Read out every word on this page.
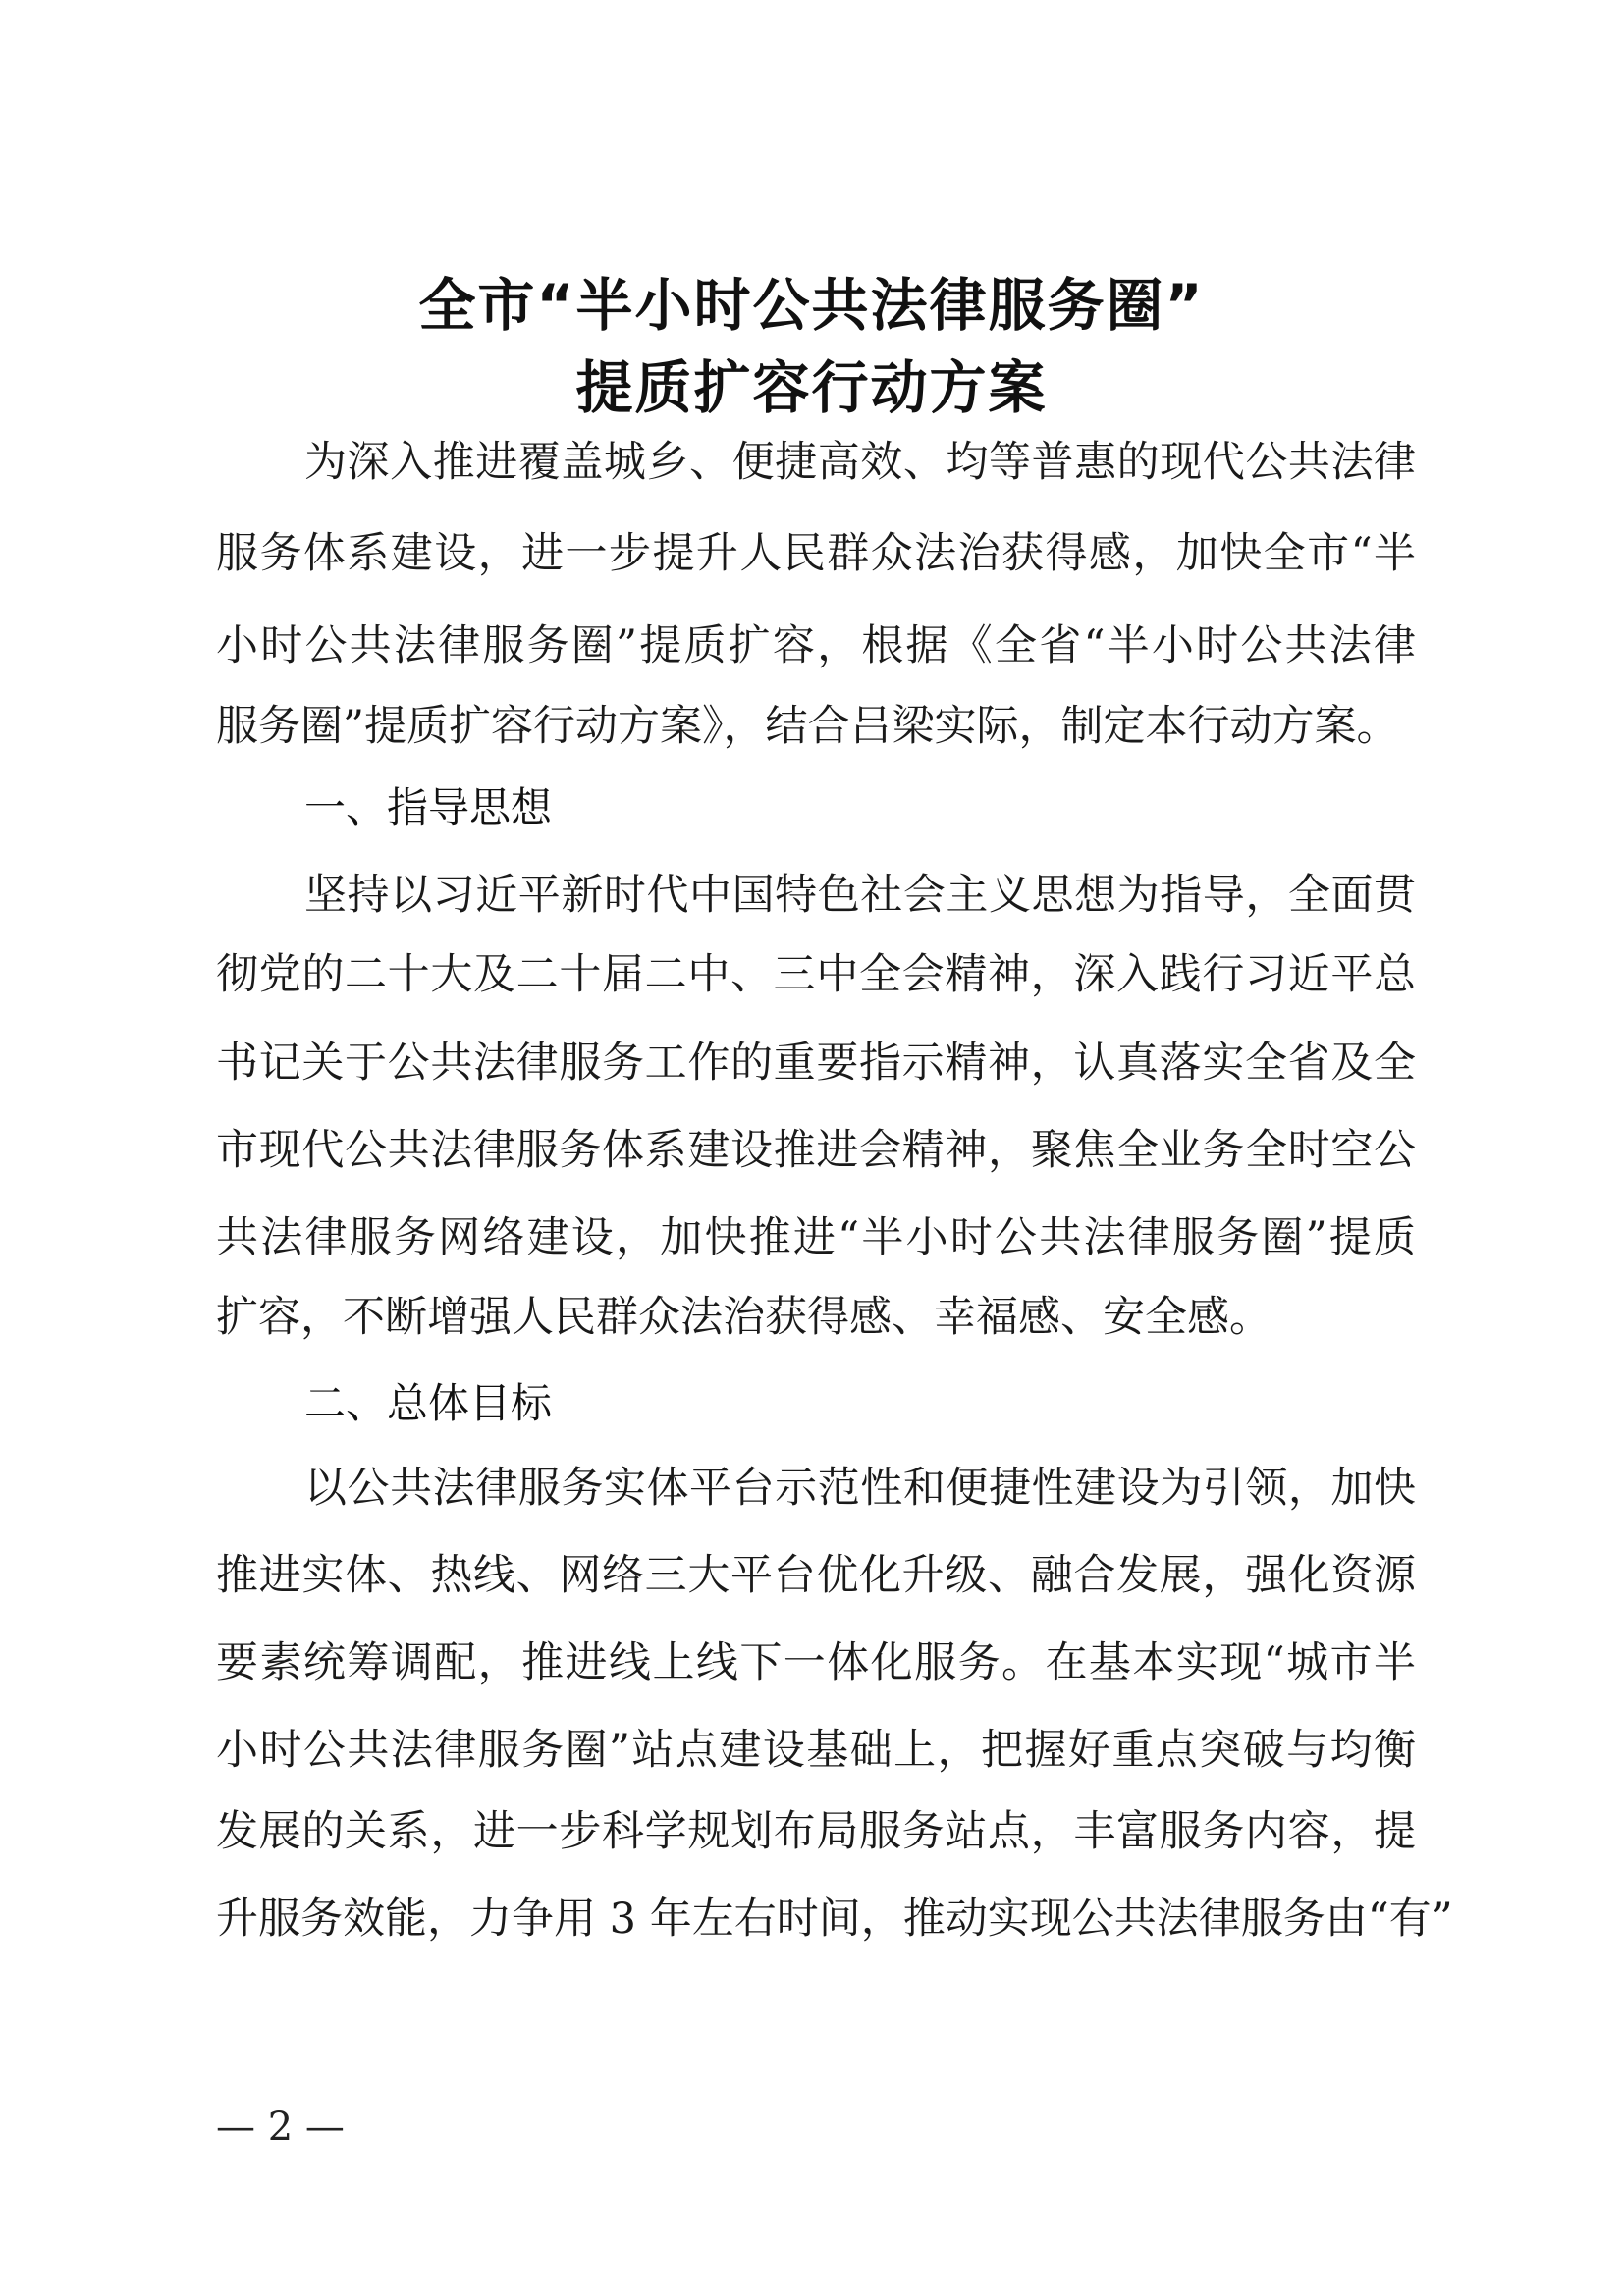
全市“半小时公共法律服务圈”
提质扩容行动方案
为深入推进覆盖城乡、便捷高效、均等普惠的现代公共法律
服务体系建设，进一步提升人民群众法治获得感，加快全市“半
小时公共法律服务圈”提质扩容，根据《全省“半小时公共法律
服务圈”提质扩容行动方案》，结合吕梁实际，制定本行动方案。
一、指导思想
坚持以习近平新时代中国特色社会主义思想为指导，全面贯
彻党的二十大及二十届二中、三中全会精神，深入践行习近平总
书记关于公共法律服务工作的重要指示精神，认真落实全省及全
市现代公共法律服务体系建设推进会精神，聚焦全业务全时空公
共法律服务网络建设，加快推进“半小时公共法律服务圈”提质
扩容，不断增强人民群众法治获得感、幸福感、安全感。
二、总体目标
以公共法律服务实体平台示范性和便捷性建设为引领，加快
推进实体、热线、网络三大平台优化升级、融合发展，强化资源
要素统筹调配，推进线上线下一体化服务。在基本实现“城市半
小时公共法律服务圈”站点建设基础上，把握好重点突破与均衡
发展的关系，进一步科学规划布局服务站点，丰富服务内容，提
升服务效能，力争用 3 年左右时间，推动实现公共法律服务由“有”
— 2 —
